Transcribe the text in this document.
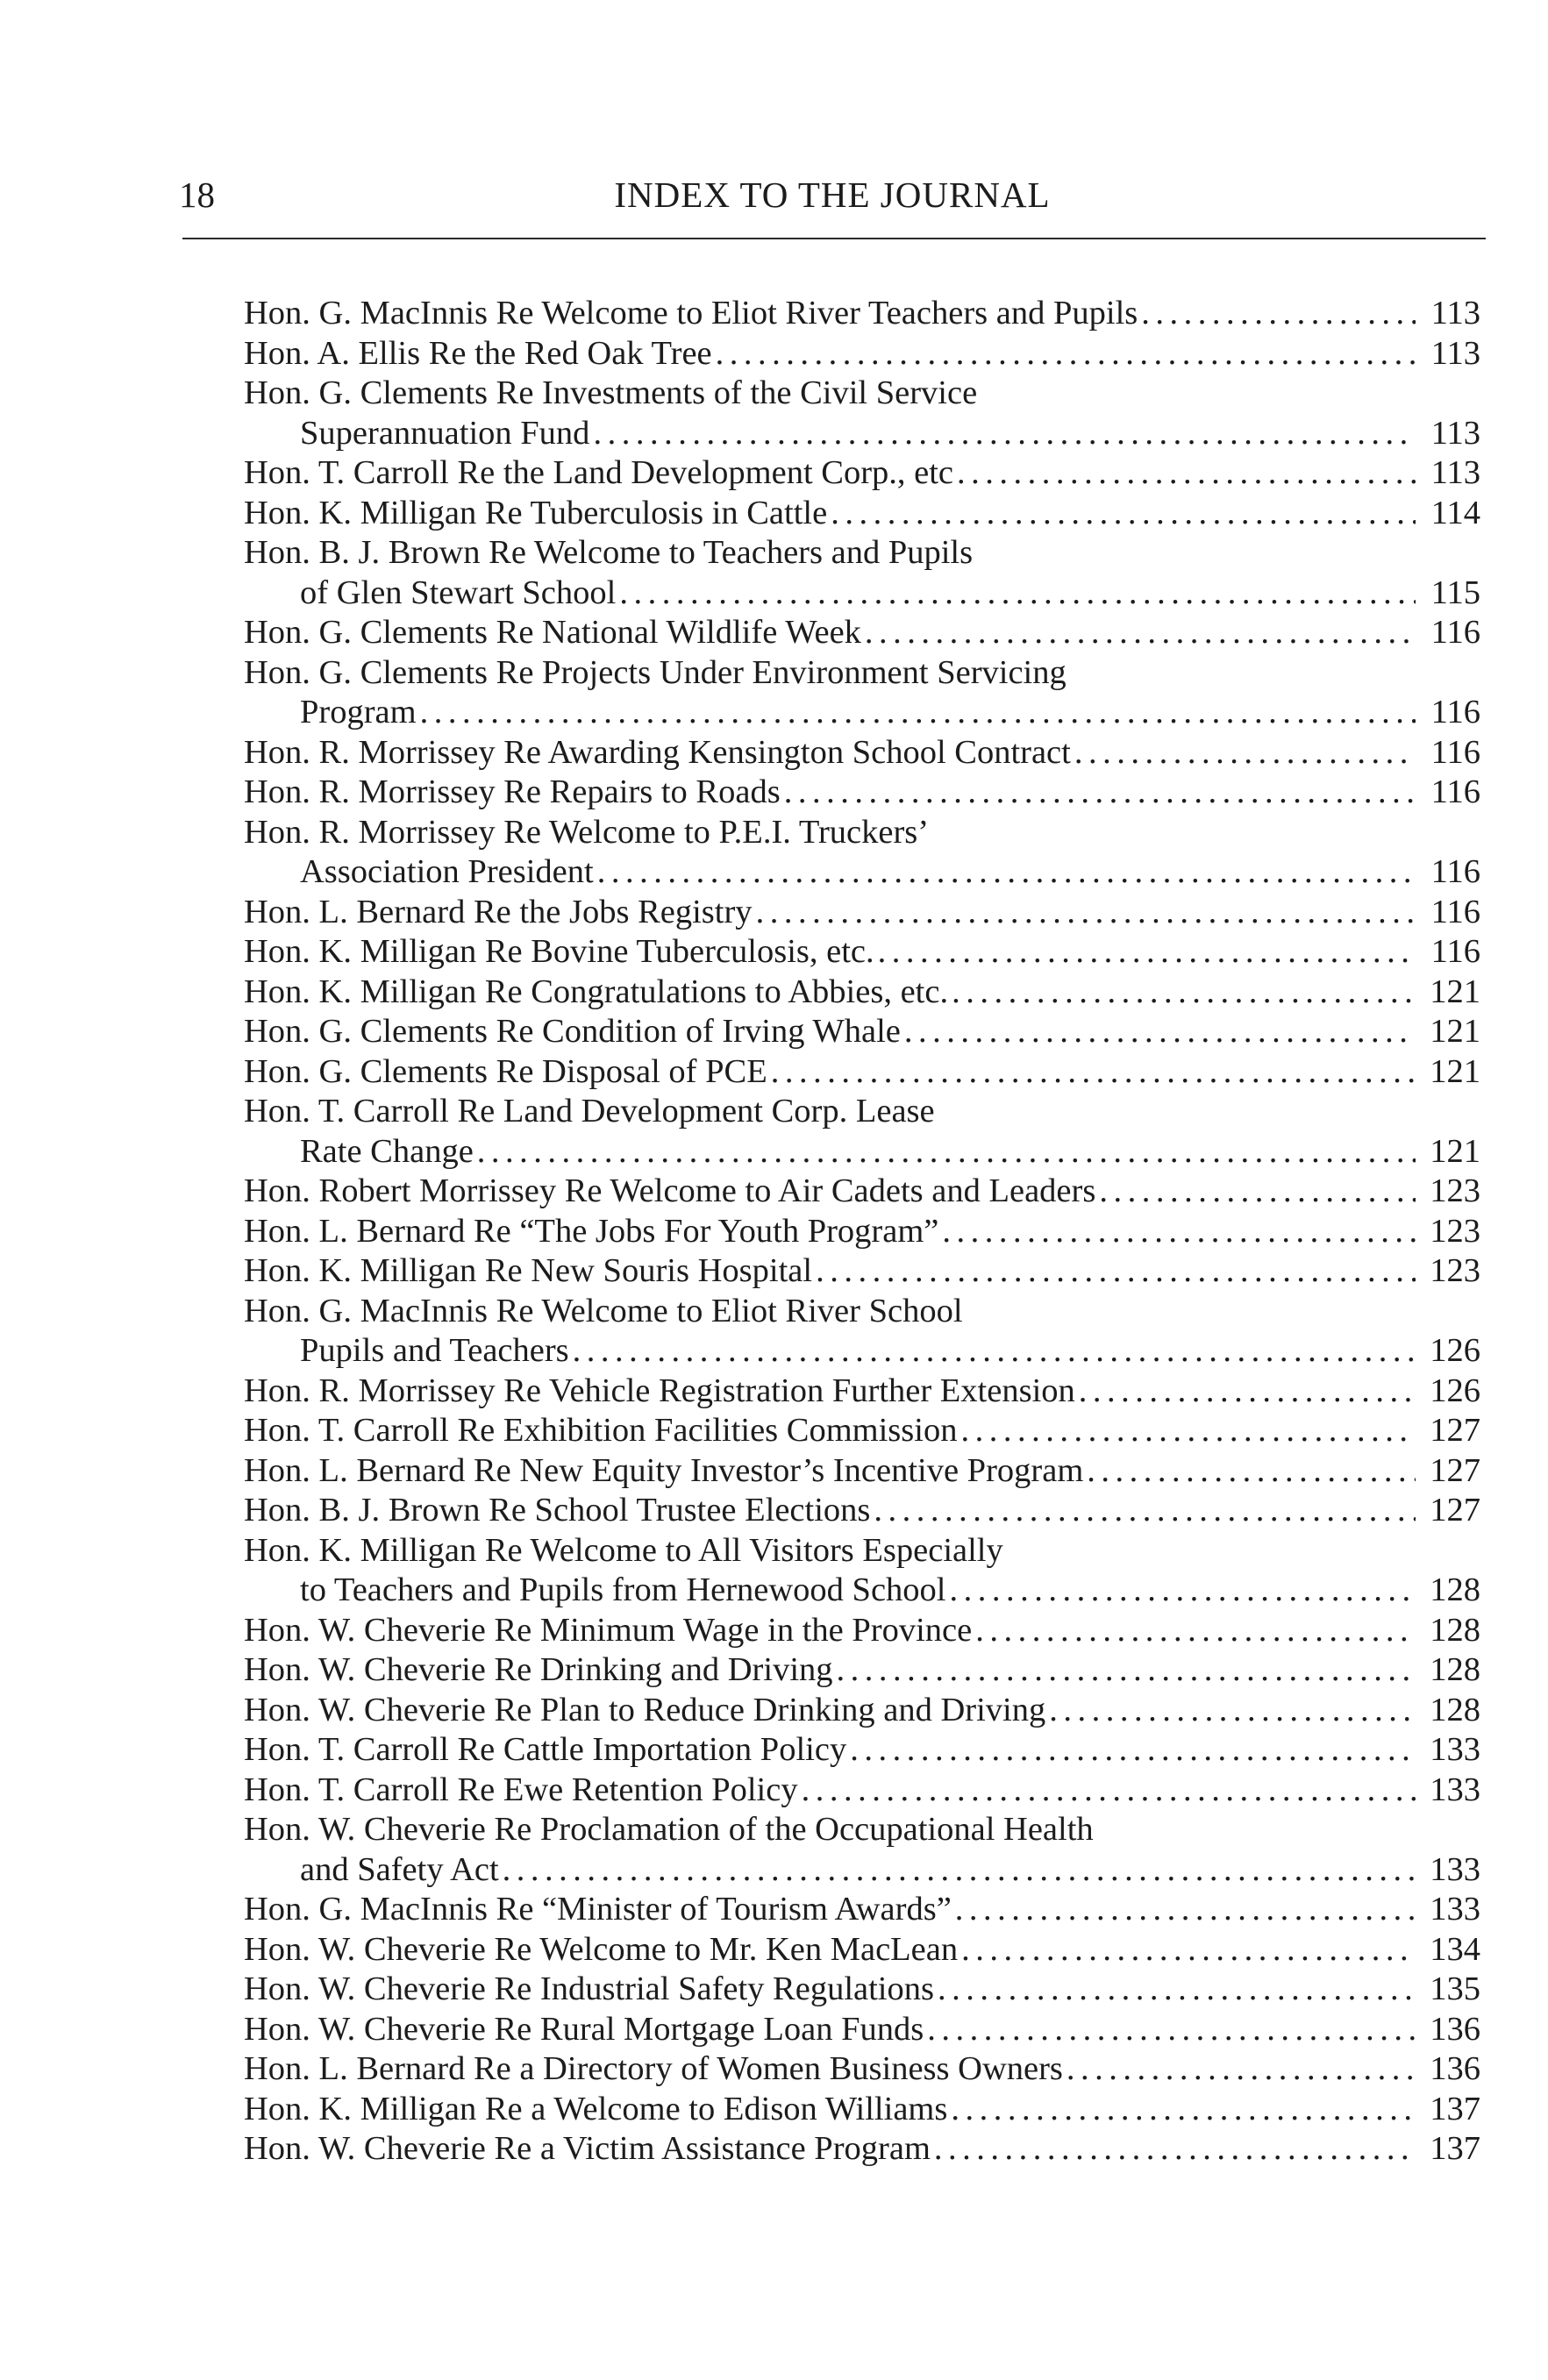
18	INDEX TO THE JOURNAL
Hon. G. MacInnis Re Welcome to Eliot River Teachers and Pupils .....	113
Hon. A. Ellis Re the Red Oak Tree .....	113
Hon. G. Clements Re Investments of the Civil Service
Superannuation Fund .....	113
Hon. T. Carroll Re the Land Development Corp., etc .....	113
Hon. K. Milligan Re Tuberculosis in Cattle .....	114
Hon. B. J. Brown Re Welcome to Teachers and Pupils
of Glen Stewart School .....	115
Hon. G. Clements Re National Wildlife Week .....	116
Hon. G. Clements Re Projects Under Environment Servicing
Program .....	116
Hon. R. Morrissey Re Awarding Kensington School Contract .....	116
Hon. R. Morrissey Re Repairs to Roads .....	116
Hon. R. Morrissey Re Welcome to P.E.I. Truckers’
Association President .....	116
Hon. L. Bernard Re the Jobs Registry .....	116
Hon. K. Milligan Re Bovine Tuberculosis, etc. .....	116
Hon. K. Milligan Re Congratulations to Abbies, etc. .....	121
Hon. G. Clements Re Condition of Irving Whale .....	121
Hon. G. Clements Re Disposal of PCE .....	121
Hon. T. Carroll Re Land Development Corp. Lease
Rate Change .....	121
Hon. Robert Morrissey Re Welcome to Air Cadets and Leaders .....	123
Hon. L. Bernard Re “The Jobs For Youth Program” .....	123
Hon. K. Milligan Re New Souris Hospital .....	123
Hon. G. MacInnis Re Welcome to Eliot River School
Pupils and Teachers .....	126
Hon. R. Morrissey Re Vehicle Registration Further Extension .....	126
Hon. T. Carroll Re Exhibition Facilities Commission .....	127
Hon. L. Bernard Re New Equity Investor’s Incentive Program .....	127
Hon. B. J. Brown Re School Trustee Elections .....	127
Hon. K. Milligan Re Welcome to All Visitors Especially
to Teachers and Pupils from Hernewood School .....	128
Hon. W. Cheverie Re Minimum Wage in the Province .....	128
Hon. W. Cheverie Re Drinking and Driving .....	128
Hon. W. Cheverie Re Plan to Reduce Drinking and Driving .....	128
Hon. T. Carroll Re Cattle Importation Policy .....	133
Hon. T. Carroll Re Ewe Retention Policy .....	133
Hon. W. Cheverie Re Proclamation of the Occupational Health
and Safety Act .....	133
Hon. G. MacInnis Re “Minister of Tourism Awards” .....	133
Hon. W. Cheverie Re Welcome to Mr. Ken MacLean .....	134
Hon. W. Cheverie Re Industrial Safety Regulations .....	135
Hon. W. Cheverie Re Rural Mortgage Loan Funds .....	136
Hon. L. Bernard Re a Directory of Women Business Owners .....	136
Hon. K. Milligan Re a Welcome to Edison Williams .....	137
Hon. W. Cheverie Re a Victim Assistance Program .....	137
